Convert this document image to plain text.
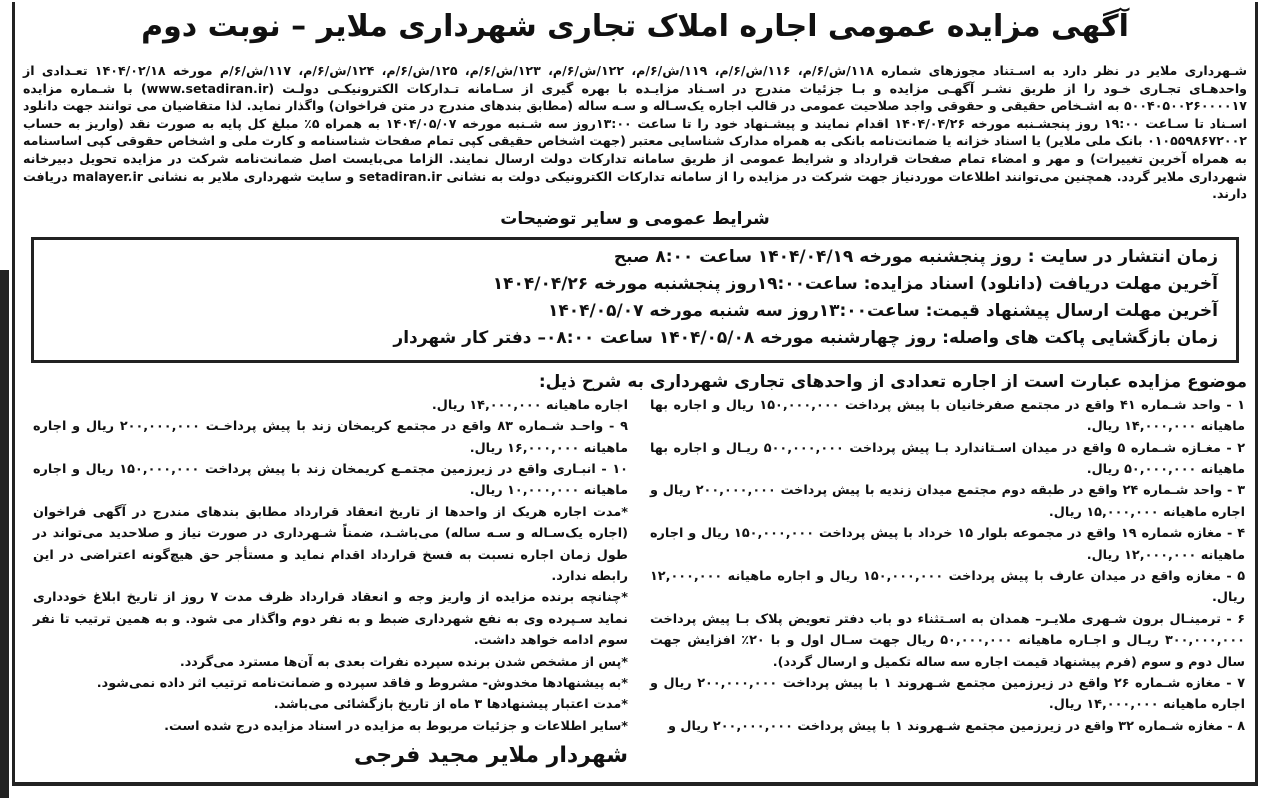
آگهی مزایده عمومی اجاره املاک تجاری شهرداری ملایر – نوبت دوم
شـهرداری ملایر در نظر دارد به اسـتناد مجوزهای شماره ۱۱۸/ش/۶/م، ۱۱۶/ش/۶/م، ۱۱۹/ش/۶/م، ۱۲۲/ش/۶/م، ۱۲۳/ش/۶/م، ۱۲۵/ش/۶/م، ۱۲۴/ش/۶/م، ۱۱۷/ش/۶/م مورخه ۱۴۰۴/۰۲/۱۸ تعـدادی از واحدهـای تجـاری خـود را از طریق نشـر آگهـی مزایده و بـا جزئیات مندرج در اسـناد مزایـده با بهره گیری از سـامانه تـدارکات الکترونیکـی دولـت (www.setadiran.ir) با شـماره مزایده ۵۰۰۴۰۵۰۰۲۶۰۰۰۰۱۷ به اشـخاص حقیقی و حقوقی واجد صلاحیت عمومی در قالب اجاره یک‌سـاله و سـه ساله (مطابق بندهای مندرج در متن فراخوان) واگذار نماید. لذا متقاضیان می توانند جهت دانلود اسـناد تا سـاعت ۱۹:۰۰ روز پنجشـنبه مورخه ۱۴۰۴/۰۴/۲۶ اقدام نمایند و پیشـنهاد خود را تا ساعت ۱۳:۰۰روز سه شـنبه مورخه ۱۴۰۴/۰۵/۰۷ به همراه ۵٪ مبلغ کل پایه به صورت نقد (واریز به حساب ۰۱۰۵۵۹۸۶۷۲۰۰۲ بانک ملی ملایر) یا اسناد خزانه یا ضمانت‌نامه بانکی به همراه مدارک شناسایی معتبر (جهت اشخاص حقیقی کپی تمام صفحات شناسنامه و کارت ملی و اشخاص حقوقی کپی اساسنامه به همراه آخرین تغییرات) و مهر و امضاء تمام صفحات قرارداد و شرایط عمومی از طریق سامانه تدارکات دولت ارسال نمایند. الزاما می‌بایست اصل ضمانت‌نامه شرکت در مزایده تحویل دبیرخانه شهرداری ملایر گردد. همچنین می‌توانند اطلاعات موردنیاز جهت شرکت در مزایده را از سامانه تدارکات الکترونیکی دولت به نشانی setadiran.ir و سایت شهرداری ملایر به نشانی malayer.ir دریافت دارند.
شرایط عمومی و سایر توضیحات
زمان انتشار در سایت : روز پنجشنبه مورخه ۱۴۰۴/۰۴/۱۹ ساعت ۸:۰۰ صبح
آخرین مهلت دریافت (دانلود) اسناد مزایده: ساعت۱۹:۰۰روز پنجشنبه مورخه ۱۴۰۴/۰۴/۲۶
آخرین مهلت ارسال پیشنهاد قیمت: ساعت۱۳:۰۰روز سه شنبه مورخه ۱۴۰۴/۰۵/۰۷
زمان بازگشایی پاکت های واصله: روز چهارشنبه مورخه ۱۴۰۴/۰۵/۰۸ ساعت ۰۸:۰۰– دفتر کار شهردار
موضوع مزایده عبارت است از اجاره تعدادی از واحدهای تجاری شهرداری به شرح ذیل:

۱ - واحد شـماره ۴۱ واقع در مجتمع صفرخانیان با پیش پرداخت ۱۵۰,۰۰۰,۰۰۰ ریال و اجاره بها ماهیانه ۱۴,۰۰۰,۰۰۰ ریال.

۲ - مغـازه شـماره ۵ واقع در میدان اسـتاندارد بـا پیش پرداخت ۵۰۰,۰۰۰,۰۰۰ ریـال و اجاره بها ماهیانه ۵۰,۰۰۰,۰۰۰ ریال.

۳ - واحد شـماره ۲۴ واقع در طبقه دوم مجتمع میدان زندیه با پیش پرداخت ۲۰۰,۰۰۰,۰۰۰ ریال و اجاره ماهیانه ۱۵,۰۰۰,۰۰۰ ریال.

۴ - مغازه شماره ۱۹ واقع در مجموعه بلوار ۱۵ خرداد با پیش پرداخت ۱۵۰,۰۰۰,۰۰۰ ریال و اجاره ماهیانه ۱۲,۰۰۰,۰۰۰ ریال.

۵ - مغازه واقع در میدان عارف با پیش پرداخت ۱۵۰,۰۰۰,۰۰۰ ریال و اجاره ماهیانه ۱۲,۰۰۰,۰۰۰ ریال.

۶ - ترمینـال برون شـهری ملایـر– همدان به اسـتثناء دو باب دفتر تعویض پلاک بـا پیش پرداخت ۳۰۰,۰۰۰,۰۰۰ ریـال و اجـاره ماهیانه ۵۰,۰۰۰,۰۰۰ ریال جهت سـال اول و با ۲۰٪ افزایش جهت سال دوم و سوم (فرم پیشنهاد قیمت اجاره سه ساله تکمیل و ارسال گردد).

۷ - مغازه شـماره ۲۶ واقع در زیرزمین مجتمع شـهروند ۱ با پیش پرداخت ۲۰۰,۰۰۰,۰۰۰ ریال و اجاره ماهیانه ۱۴,۰۰۰,۰۰۰ ریال.

۸ - مغازه شـماره ۳۲ واقع در زیرزمین مجتمع شـهروند ۱ با پیش پرداخت ۲۰۰,۰۰۰,۰۰۰ ریال و

اجاره ماهیانه ۱۴,۰۰۰,۰۰۰ ریال.

۹ - واحـد شـماره ۸۳ واقع در مجتمع کریمخان زند با پیش پرداخـت ۲۰۰,۰۰۰,۰۰۰ ریال و اجاره ماهیانه ۱۶,۰۰۰,۰۰۰ ریال.

۱۰ - انبـاری واقع در زیرزمین مجتمـع کریمخان زند با پیش پرداخت ۱۵۰,۰۰۰,۰۰۰ ریال و اجاره ماهیانه ۱۰,۰۰۰,۰۰۰ ریال.

*مدت اجاره هریک از واحدها از تاریخ انعقاد قرارداد مطابق بندهای مندرج در آگهی فراخوان (اجاره یک‌سـاله و سـه ساله) می‌باشـد، ضمناً شـهرداری در صورت نیاز و صلاحدید می‌تواند در طول زمان اجاره نسبت به فسخ قرارداد اقدام نماید و مستأجر حق هیچ‌گونه اعتراضی در این رابطه ندارد.

*چنانچه برنده مزایده از واریز وجه و انعقاد قرارداد ظرف مدت ۷ روز از تاریخ ابلاغ خودداری نماید سـپرده وی به نفع شهرداری ضبط و به نفر دوم واگذار می شود. و به همین ترتیب تا نفر سوم ادامه خواهد داشت.

*پس از مشخص شدن برنده سپرده نفرات بعدی به آن‌ها مسترد می‌گردد.

*به پیشنهادها مخدوش- مشروط و فاقد سپرده و ضمانت‌نامه ترتیب اثر داده نمی‌شود.

*مدت اعتبار پیشنهادها ۳ ماه از تاریخ بازگشائی می‌باشد.

*سایر اطلاعات و جزئیات مربوط به مزایده در اسناد مزایده درج شده است.

شهردار ملایر مجید فرجی
